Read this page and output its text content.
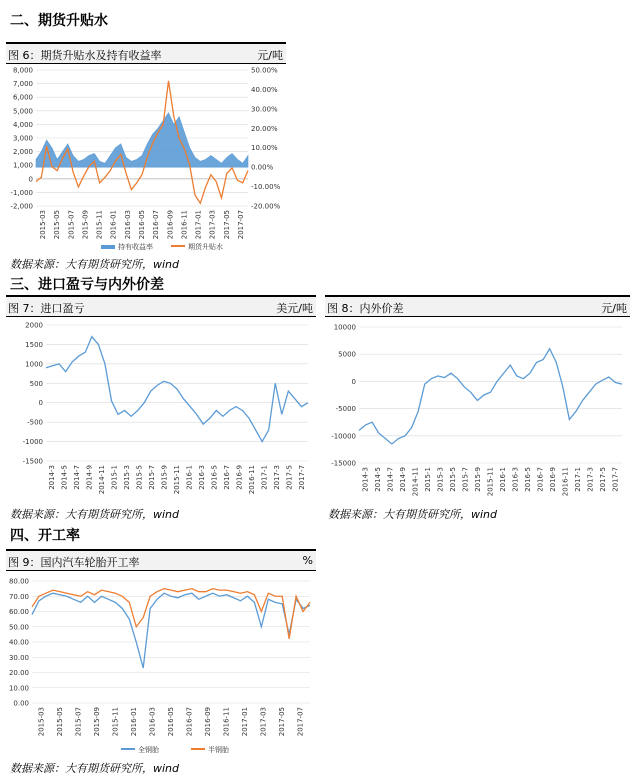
二、期货升贴水
图 6：期货升贴水及持有收益率	元/吨
8,000
7,000
6,000
5,000
4,000
3,000
2,000
1,000
0
-1,000
-2,000
50.00%
40.00%
30.00%
20.00%
10.00%
0.00%
-10.00%
-20.00%
2015-03 2015-05 2015-07 2015-09 2015-11 2016-01 2016-03 2016-05 2016-07 2016-09 2016-11 2017-01 2017-03 2017-05 2017-07
持有收益率	期货升贴水
数据来源：大有期货研究所，wind
三、进口盈亏与内外价差
图 7：进口盈亏	美元/吨
2000
1500
1000
500
0
-500
-1000
-1500
2014-3 2014-5 2014-7 2014-9 2014-11 2015-1 2015-3 2015-5 2015-7 2015-9 2015-11 2016-1 2016-3 2016-5 2016-7 2016-9 2016-11 2017-1 2017-3 2017-5 2017-7
数据来源：大有期货研究所，wind
图 8：内外价差	元/吨
10000
5000
0
-5000
-10000
-15000
2014-3 2014-5 2014-7 2014-9 2014-11 2015-1 2015-3 2015-5 2015-7 2015-9 2015-11 2016-1 2016-3 2016-5 2016-7 2016-9 2016-11 2017-1 2017-3 2017-5 2017-7
数据来源：大有期货研究所，wind
四、开工率
图 9：国内汽车轮胎开工率	%
80.00
70.00
60.00
50.00
40.00
30.00
20.00
10.00
0.00
2015-03 2015-05 2015-07 2015-09 2015-11 2016-01 2016-03 2016-05 2016-07 2016-09 2016-11 2017-01 2017-03 2017-05 2017-07
全钢胎	半钢胎
数据来源：大有期货研究所，wind
